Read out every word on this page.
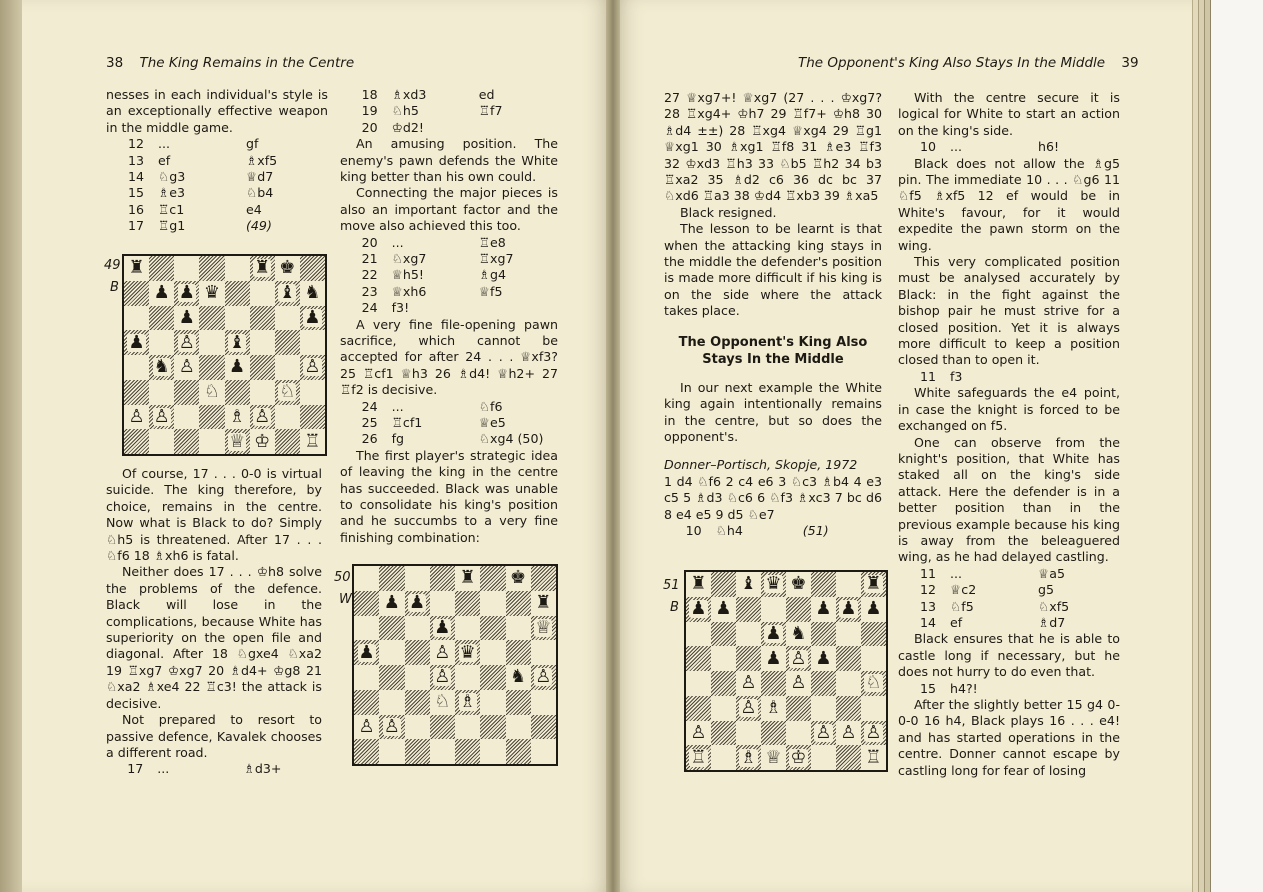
38 The King Remains in the Centre

nesses in each individual's style is an exceptionally effective weapon in the middle game.

12	...	gf
13	ef	♗xf5
14	♘g3	♕d7
15	♗e3	♘b4
16	♖c1	e4
17	♖g1	(49)
49
B
♜	♜ ♚
♟ ♟ ♛	♝ ♞
♟	♟
♟ ♙ ♝
♞ ♙ ♟	♙
♘	♘
♙ ♙	♗ ♙
♕ ♔ ♖

Of course, 17 . . . 0-0 is virtual suicide. The king therefore, by choice, remains in the centre. Now what is Black to do? Simply ♘h5 is threatened. After 17 . . . ♘f6 18 ♗xh6 is fatal.

Neither does 17 . . . ♔h8 solve the problems of the defence. Black will lose in the complications, because White has superiority on the open file and diagonal. After 18 ♘gxe4 ♘xa2 19 ♖xg7 ♔xg7 20 ♗d4+ ♔g8 21 ♘xa2 ♗xe4 22 ♖c3! the attack is decisive.

Not prepared to resort to passive defence, Kavalek chooses a different road.

17	...	♗d3+
18	♗xd3	ed
19	♘h5	♖f7
20	♔d2!

An amusing position. The enemy's pawn defends the White king better than his own could.

Connecting the major pieces is also an important factor and the move also achieved this too.

20	...	♖e8
21	♘xg7	♖xg7
22	♕h5!	♗g4
23	♕xh6	♕f5
24	f3!

A very fine file-opening pawn sacrifice, which cannot be accepted for after 24 . . . ♕xf3? 25 ♖cf1 ♕h3 26 ♗d4! ♕h2+ 27 ♖f2 is decisive.

24	...	♘f6
25	♖cf1	♕e5
26	fg	♘xg4 (50)

The first player's strategic idea of leaving the king in the centre has succeeded. Black was unable to consolidate his king's position and he succumbs to a very fine finishing combination:

50
W
♜ ♚
♟ ♟	♜
♟	♕
♟	♙ ♛
♙	♞ ♙
♘ ♗
♙ ♙
The Opponent's King Also Stays In the Middle 39

27 ♕xg7+! ♕xg7 (27 . . . ♔xg7? 28 ♖xg4+ ♔h7 29 ♖f7+ ♔h8 30 ♗d4 ±±) 28 ♖xg4 ♕xg4 29 ♖g1 ♕xg1 30 ♗xg1 ♖f8 31 ♗e3 ♖f3 32 ♔xd3 ♖h3 33 ♘b5 ♖h2 34 b3 ♖xa2 35 ♗d2 c6 36 dc bc 37 ♘xd6 ♖a3 38 ♔d4 ♖xb3 39 ♗xa5

Black resigned.

The lesson to be learnt is that when the attacking king stays in the middle the defender's position is made more difficult if his king is on the side where the attack takes place.

The Opponent's King Also Stays In the Middle

In our next example the White king again intentionally remains in the centre, but so does the opponent's.

Donner–Portisch, Skopje, 1972

1 d4 ♘f6 2 c4 e6 3 ♘c3 ♗b4 4 e3 c5 5 ♗d3 ♘c6 6 ♘f3 ♗xc3 7 bc d6 8 e4 e5 9 d5 ♘e7

10	♘h4	(51)
51
B
♜ ♝ ♛ ♚	♜
♟ ♟	♟ ♟ ♟
♟ ♞
♟ ♙ ♟
♙ ♙	♘
♙ ♗
♙	♙ ♙ ♙
♖ ♗ ♕ ♔	♖

With the centre secure it is logical for White to start an action on the king's side.

10	...	h6!

Black does not allow the ♗g5 pin. The immediate 10 . . . ♘g6 11 ♘f5 ♗xf5 12 ef would be in White's favour, for it would expedite the pawn storm on the wing.

This very complicated position must be analysed accurately by Black: in the fight against the bishop pair he must strive for a closed position. Yet it is always more difficult to keep a position closed than to open it.

11	f3

White safeguards the e4 point, in case the knight is forced to be exchanged on f5.

One can observe from the knight's position, that White has staked all on the king's side attack. Here the defender is in a better position than in the previous example because his king is away from the beleaguered wing, as he had delayed castling.

11	...	♕a5
12	♕c2	g5
13	♘f5	♘xf5
14	ef	♗d7

Black ensures that he is able to castle long if necessary, but he does not hurry to do even that.

15	h4?!

After the slightly better 15 g4 0-0-0 16 h4, Black plays 16 . . . e4! and has started operations in the centre. Donner cannot escape by castling long for fear of losing
